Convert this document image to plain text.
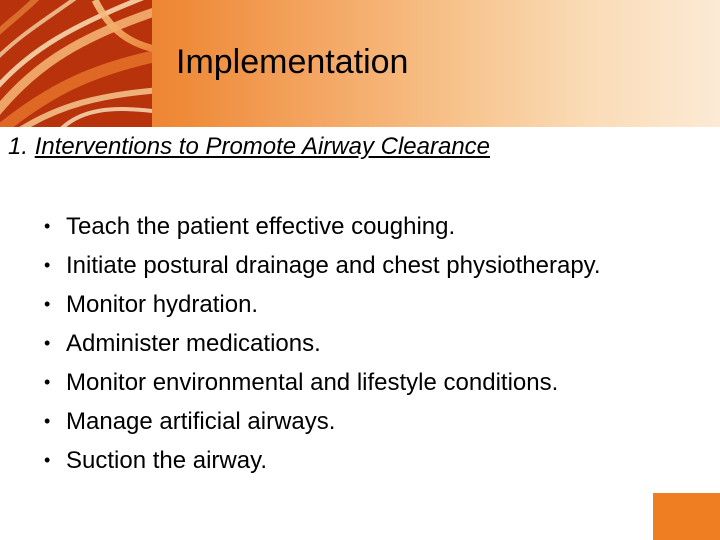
Implementation
1. Interventions to Promote Airway Clearance
• Teach the patient effective coughing.
• Initiate postural drainage and chest physiotherapy.
• Monitor hydration.
• Administer medications.
• Monitor environmental and lifestyle conditions.
• Manage artificial airways.
• Suction the airway.
